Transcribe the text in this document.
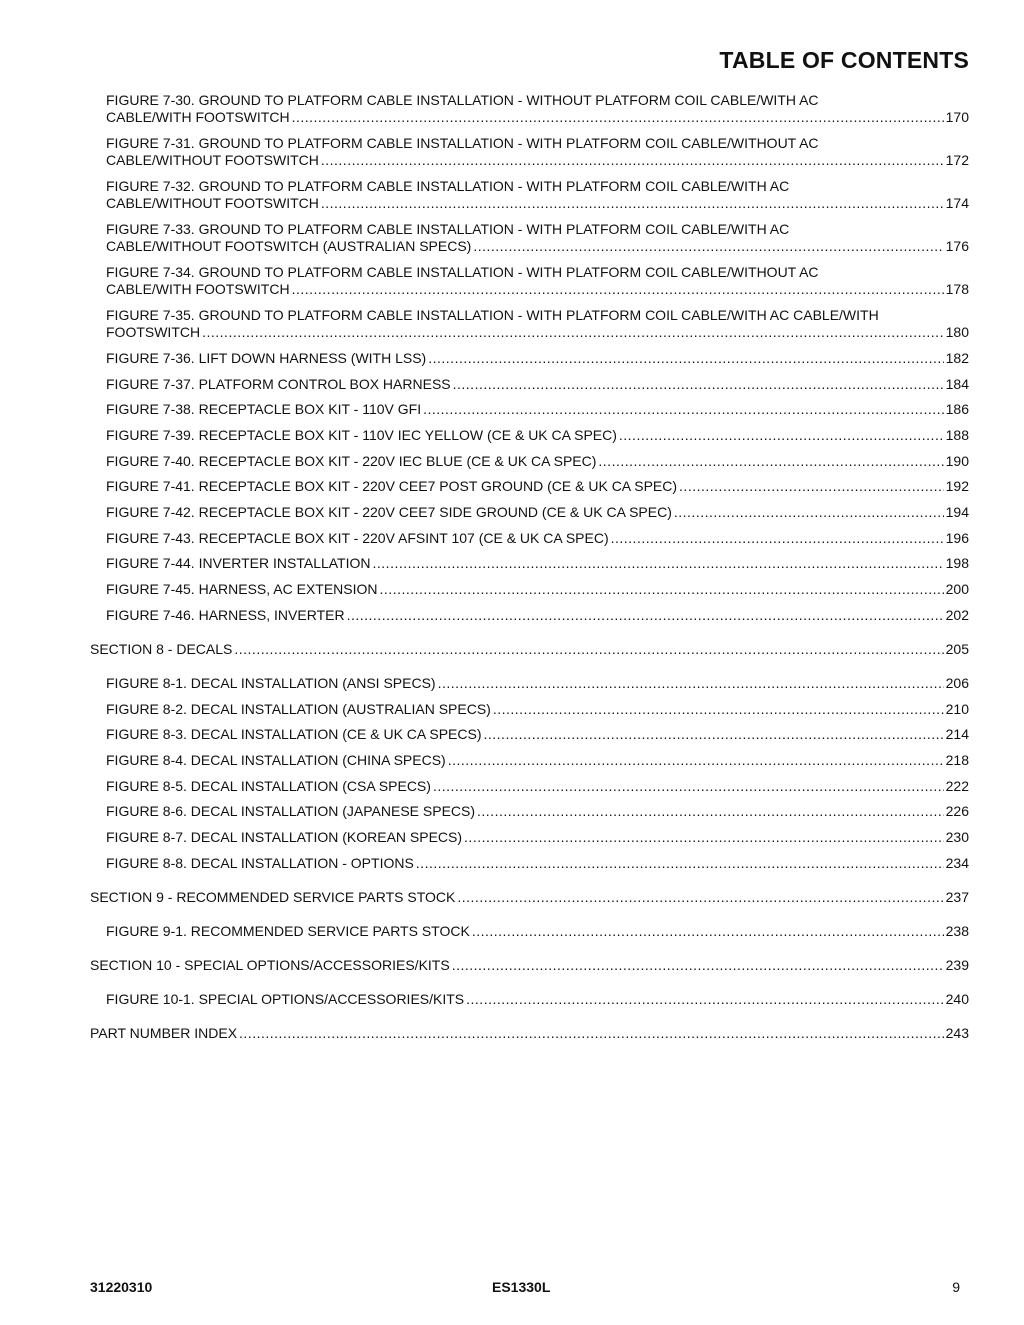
TABLE OF CONTENTS
FIGURE 7-30. GROUND TO PLATFORM CABLE INSTALLATION - WITHOUT PLATFORM COIL CABLE/WITH AC
CABLE/WITH FOOTSWITCH .....	170
FIGURE 7-31. GROUND TO PLATFORM CABLE INSTALLATION - WITH PLATFORM COIL CABLE/WITHOUT AC
CABLE/WITHOUT FOOTSWITCH .....	172
FIGURE 7-32. GROUND TO PLATFORM CABLE INSTALLATION - WITH PLATFORM COIL CABLE/WITH AC
CABLE/WITHOUT FOOTSWITCH .....	174
FIGURE 7-33. GROUND TO PLATFORM CABLE INSTALLATION - WITH PLATFORM COIL CABLE/WITH AC
CABLE/WITHOUT FOOTSWITCH (AUSTRALIAN SPECS) .....	176
FIGURE 7-34. GROUND TO PLATFORM CABLE INSTALLATION - WITH PLATFORM COIL CABLE/WITHOUT AC
CABLE/WITH FOOTSWITCH .....	178
FIGURE 7-35. GROUND TO PLATFORM CABLE INSTALLATION - WITH PLATFORM COIL CABLE/WITH AC CABLE/WITH
FOOTSWITCH .....	180
FIGURE 7-36. LIFT DOWN HARNESS (WITH LSS) .....	182
FIGURE 7-37. PLATFORM CONTROL BOX HARNESS .....	184
FIGURE 7-38. RECEPTACLE BOX KIT - 110V GFI .....	186
FIGURE 7-39. RECEPTACLE BOX KIT - 110V IEC YELLOW (CE & UK CA SPEC) .....	188
FIGURE 7-40. RECEPTACLE BOX KIT - 220V IEC BLUE (CE & UK CA SPEC) .....	190
FIGURE 7-41. RECEPTACLE BOX KIT - 220V CEE7 POST GROUND (CE & UK CA SPEC) .....	192
FIGURE 7-42. RECEPTACLE BOX KIT - 220V CEE7 SIDE GROUND (CE & UK CA SPEC) .....	194
FIGURE 7-43. RECEPTACLE BOX KIT - 220V AFSINT 107 (CE & UK CA SPEC) .....	196
FIGURE 7-44. INVERTER INSTALLATION .....	198
FIGURE 7-45. HARNESS, AC EXTENSION .....	200
FIGURE 7-46. HARNESS, INVERTER .....	202
SECTION 8 - DECALS .....	205
FIGURE 8-1. DECAL INSTALLATION (ANSI SPECS) .....	206
FIGURE 8-2. DECAL INSTALLATION (AUSTRALIAN SPECS) .....	210
FIGURE 8-3. DECAL INSTALLATION (CE & UK CA SPECS) .....	214
FIGURE 8-4. DECAL INSTALLATION (CHINA SPECS) .....	218
FIGURE 8-5. DECAL INSTALLATION (CSA SPECS) .....	222
FIGURE 8-6. DECAL INSTALLATION (JAPANESE SPECS) .....	226
FIGURE 8-7. DECAL INSTALLATION (KOREAN SPECS) .....	230
FIGURE 8-8. DECAL INSTALLATION - OPTIONS .....	234
SECTION 9 - RECOMMENDED SERVICE PARTS STOCK .....	237
FIGURE 9-1. RECOMMENDED SERVICE PARTS STOCK .....	238
SECTION 10 - SPECIAL OPTIONS/ACCESSORIES/KITS .....	239
FIGURE 10-1. SPECIAL OPTIONS/ACCESSORIES/KITS .....	240
PART NUMBER INDEX .....	243
31220310	ES1330L	9
